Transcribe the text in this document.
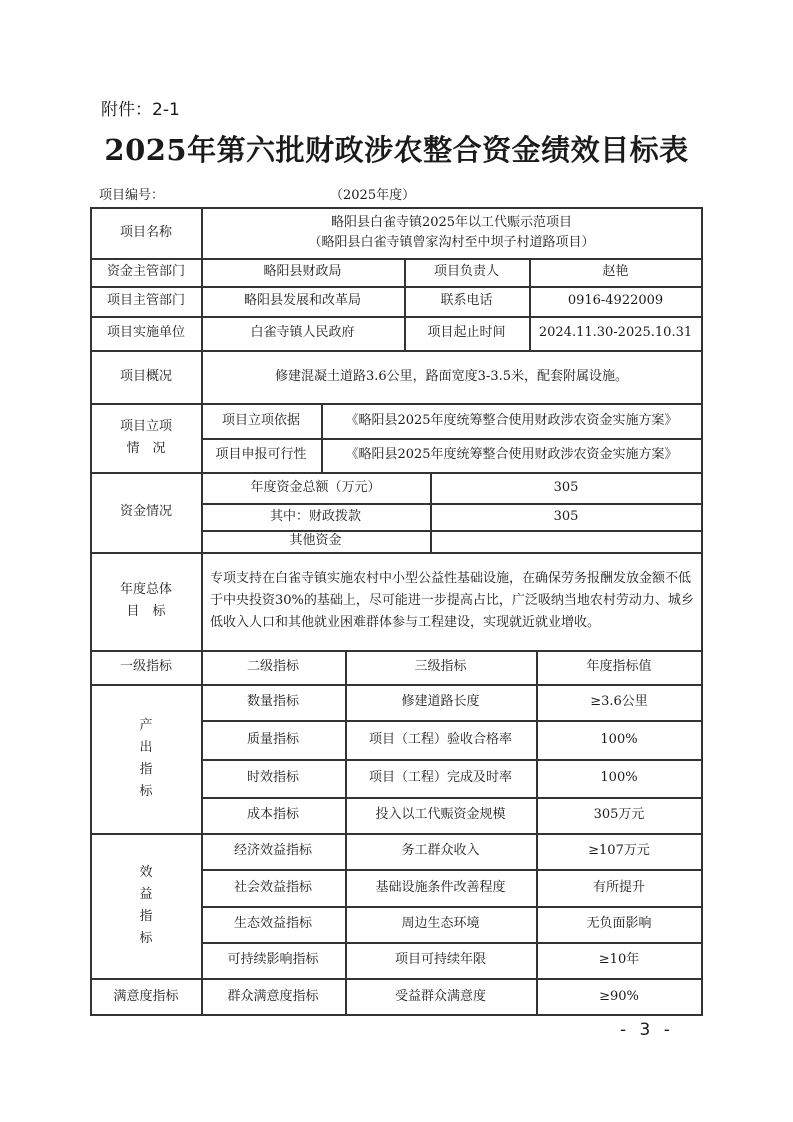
附件：2-1
2025年第六批财政涉农整合资金绩效目标表
项目编号：	（2025年度）
项目名称
略阳县白雀寺镇2025年以工代赈示范项目
（略阳县白雀寺镇曾家沟村至中坝子村道路项目）
资金主管部门	略阳县财政局	项目负责人	赵艳
项目主管部门	略阳县发展和改革局	联系电话	0916-4922009
项目实施单位	白雀寺镇人民政府	项目起止时间	2024.11.30-2025.10.31
项目概况	修建混凝土道路3.6公里，路面宽度3-3.5米，配套附属设施。
项目立项
情　况
项目立项依据	《略阳县2025年度统筹整合使用财政涉农资金实施方案》
项目申报可行性	《略阳县2025年度统筹整合使用财政涉农资金实施方案》
资金情况
年度资金总额（万元）	305
其中：财政拨款	305
其他资金
年度总体
目　标
专项支持在白雀寺镇实施农村中小型公益性基础设施，在确保劳务报酬发放金额不低于中央投资30%的基础上，尽可能进一步提高占比，广泛吸纳当地农村劳动力、城乡低收入人口和其他就业困难群体参与工程建设，实现就近就业增收。
一级指标	二级指标	三级指标	年度指标值
产
出
指
标
数量指标	修建道路长度	≥3.6公里
质量指标	项目（工程）验收合格率	100%
时效指标	项目（工程）完成及时率	100%
成本指标	投入以工代赈资金规模	305万元
效
益
指
标
经济效益指标	务工群众收入	≥107万元
社会效益指标	基础设施条件改善程度	有所提升
生态效益指标	周边生态环境	无负面影响
可持续影响指标	项目可持续年限	≥10年
满意度指标	群众满意度指标	受益群众满意度	≥90%
- 3 -
